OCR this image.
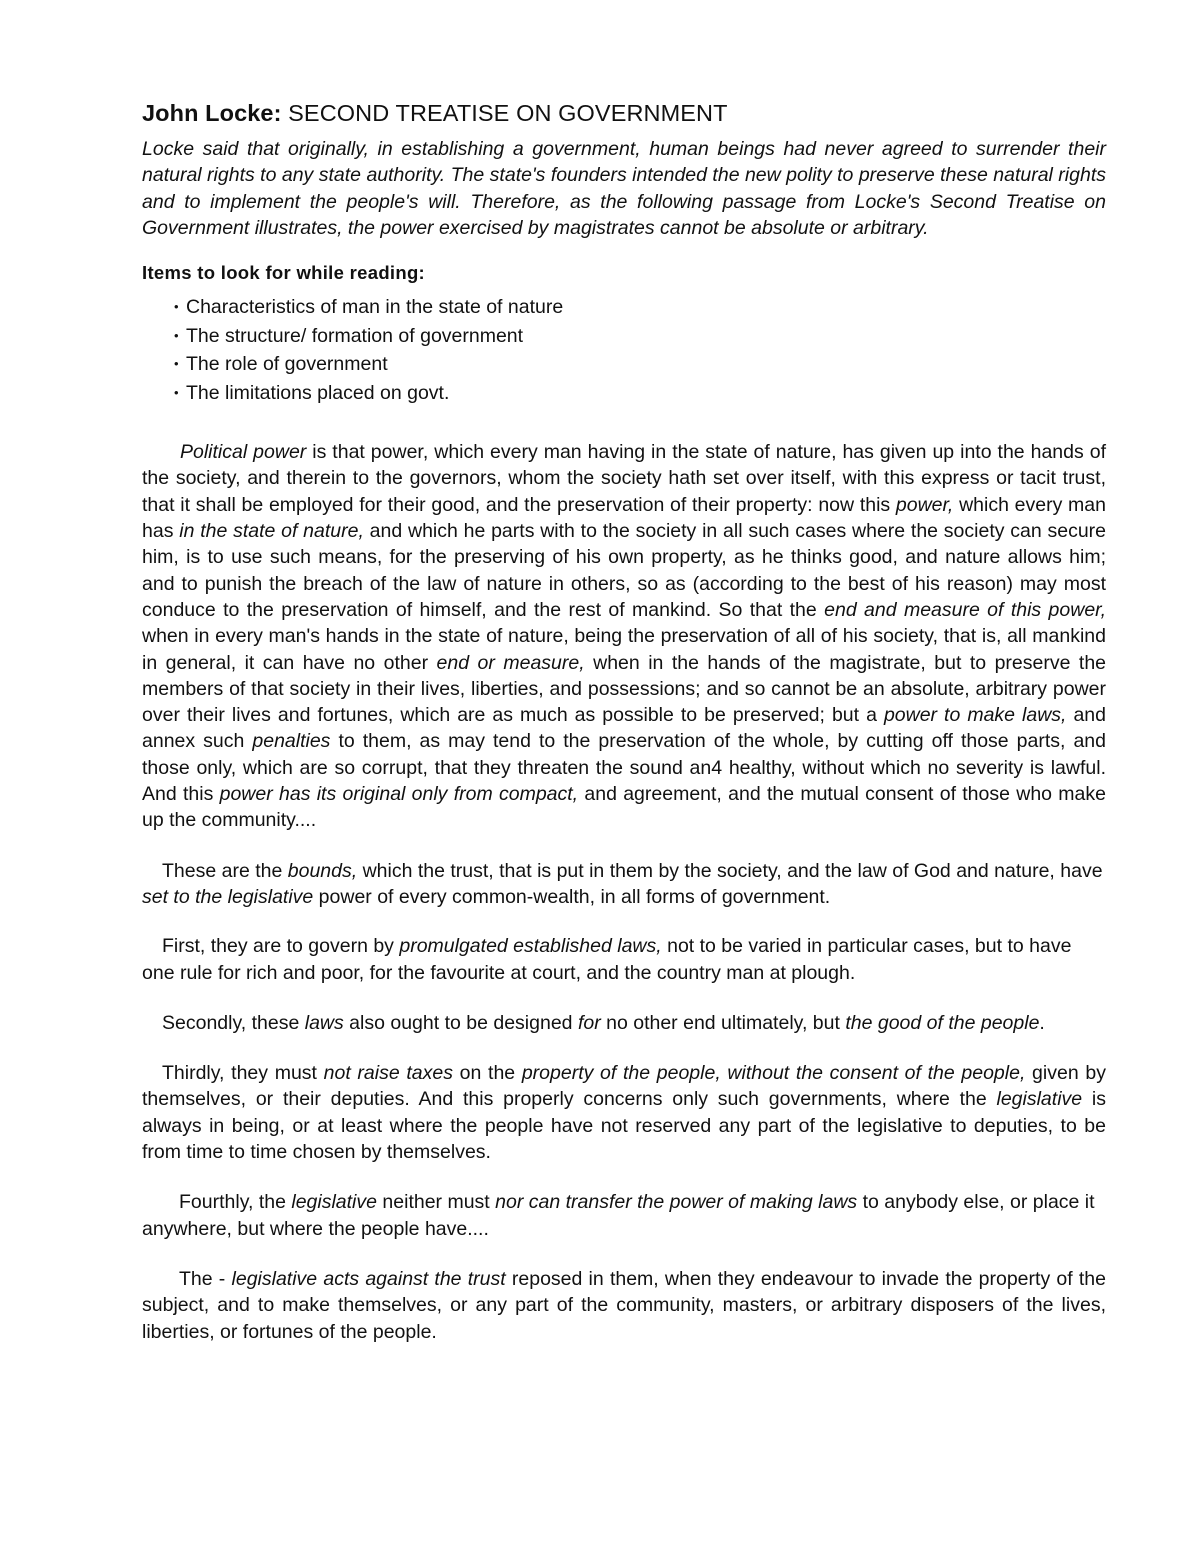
John Locke: SECOND TREATISE ON GOVERNMENT

Locke said that originally, in establishing a government, human beings had never agreed to surrender their natural rights to any state authority. The state's founders intended the new polity to preserve these natural rights and to implement the people's will. Therefore, as the following passage from Locke's Second Treatise on Government illustrates, the power exercised by magistrates cannot be absolute or arbitrary.

Items to look for while reading:
• Characteristics of man in the state of nature
• The structure/ formation of government
• The role of government
• The limitations placed on govt.

Political power is that power, which every man having in the state of nature, has given up into the hands of the society, and therein to the governors, whom the society hath set over itself, with this express or tacit trust, that it shall be employed for their good, and the preservation of their property: now this power, which every man has in the state of nature, and which he parts with to the society in all such cases where the society can secure him, is to use such means, for the preserving of his own property, as he thinks good, and nature allows him; and to punish the breach of the law of nature in others, so as (according to the best of his reason) may most conduce to the preservation of himself, and the rest of mankind. So that the end and measure of this power, when in every man's hands in the state of nature, being the preservation of all of his society, that is, all mankind in general, it can have no other end or measure, when in the hands of the magistrate, but to preserve the members of that society in their lives, liberties, and possessions; and so cannot be an absolute, arbitrary power over their lives and fortunes, which are as much as possible to be preserved; but a power to make laws, and annex such penalties to them, as may tend to the preservation of the whole, by cutting off those parts, and those only, which are so corrupt, that they threaten the sound an4 healthy, without which no severity is lawful. And this power has its original only from compact, and agreement, and the mutual consent of those who make up the community....

These are the bounds, which the trust, that is put in them by the society, and the law of God and nature, have set to the legislative power of every common-wealth, in all forms of government.

First, they are to govern by promulgated established laws, not to be varied in particular cases, but to have one rule for rich and poor, for the favourite at court, and the country man at plough.

Secondly, these laws also ought to be designed for no other end ultimately, but the good of the people.

Thirdly, they must not raise taxes on the property of the people, without the consent of the people, given by themselves, or their deputies. And this properly concerns only such governments, where the legislative is always in being, or at least where the people have not reserved any part of the legislative to deputies, to be from time to time chosen by themselves.

Fourthly, the legislative neither must nor can transfer the power of making laws to anybody else, or place it anywhere, but where the people have....

The - legislative acts against the trust reposed in them, when they endeavour to invade the property of the subject, and to make themselves, or any part of the community, masters, or arbitrary disposers of the lives, liberties, or fortunes of the people.
